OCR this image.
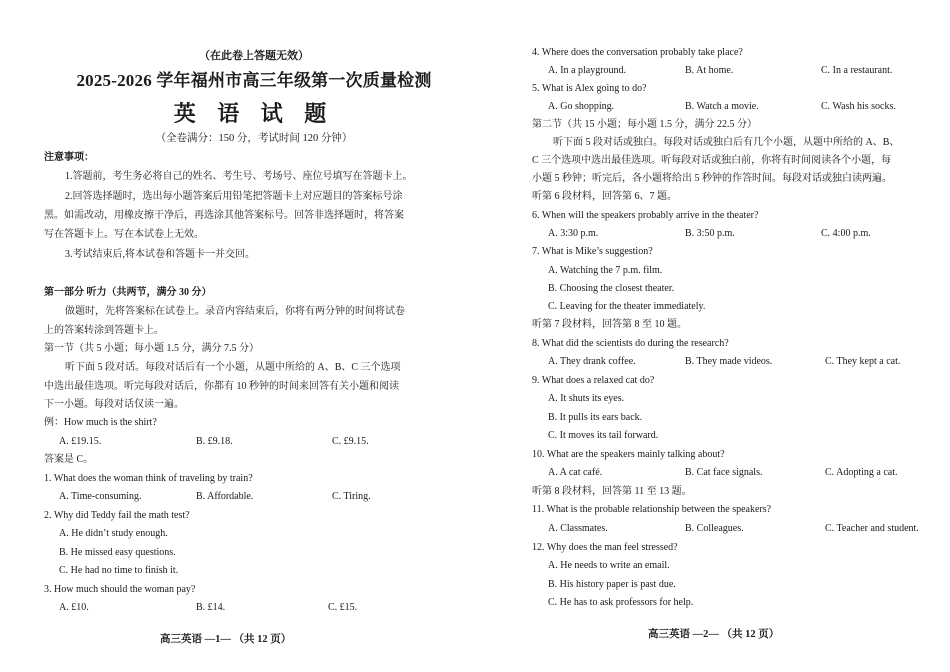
（在此卷上答题无效）
2025-2026 学年福州市高三年级第一次质量检测
英 语 试 题
（全卷满分：150 分，考试时间 120 分钟）
注意事项：
1.答题前，考生务必将自己的姓名、考生号、考场号、座位号填写在答题卡上。
2.回答选择题时，选出每小题答案后用铅笔把答题卡上对应题目的答案标号涂
黑。如需改动，用橡皮擦干净后，再选涂其他答案标号。回答非选择题时，将答案
写在答题卡上。写在本试卷上无效。
3.考试结束后,将本试卷和答题卡一并交回。
第一部分 听力（共两节，满分 30 分）
做题时，先将答案标在试卷上。录音内容结束后，你将有两分钟的时间将试卷
上的答案转涂到答题卡上。
第一节（共 5 小题；每小题 1.5 分，满分 7.5 分）
听下面 5 段对话。每段对话后有一个小题，从题中所给的 A、B、C 三个选项
中选出最佳选项。听完每段对话后，你都有 10 秒钟的时间来回答有关小题和阅读
下一小题。每段对话仅读一遍。
例：How much is the shirt?
A. £19.15.	B. £9.18.	C. £9.15.
答案是 C。
1. What does the woman think of traveling by train?
A. Time-consuming.	B. Affordable.	C. Tiring.
2. Why did Teddy fail the math test?
A. He didn’t study enough.
B. He missed easy questions.
C. He had no time to finish it.
3. How much should the woman pay?
A. £10.	B. £14.	C. £15.
高三英语 —1— （共 12 页）
4. Where does the conversation probably take place?
A. In a playground.	B. At home.	C. In a restaurant.
5. What is Alex going to do?
A. Go shopping.	B. Watch a movie.	C. Wash his socks.
第二节（共 15 小题；每小题 1.5 分，满分 22.5 分）
听下面 5 段对话或独白。每段对话或独白后有几个小题，从题中所给的 A、B、
C 三个选项中选出最佳选项。听每段对话或独白前，你将有时间阅读各个小题，每
小题 5 秒钟；听完后，各小题将给出 5 秒钟的作答时间。每段对话或独白读两遍。
听第 6 段材料，回答第 6、7 题。
6. When will the speakers probably arrive in the theater?
A. 3:30 p.m.	B. 3:50 p.m.	C. 4:00 p.m.
7. What is Mike’s suggestion?
A. Watching the 7 p.m. film.
B. Choosing the closest theater.
C. Leaving for the theater immediately.
听第 7 段材料，回答第 8 至 10 题。
8. What did the scientists do during the research?
A. They drank coffee.	B. They made videos.	C. They kept a cat.
9. What does a relaxed cat do?
A. It shuts its eyes.
B. It pulls its ears back.
C. It moves its tail forward.
10. What are the speakers mainly talking about?
A. A cat café.	B. Cat face signals.	C. Adopting a cat.
听第 8 段材料，回答第 11 至 13 题。
11. What is the probable relationship between the speakers?
A. Classmates.	B. Colleagues.	C. Teacher and student.
12. Why does the man feel stressed?
A. He needs to write an email.
B. His history paper is past due.
C. He has to ask professors for help.
高三英语 —2— （共 12 页）
